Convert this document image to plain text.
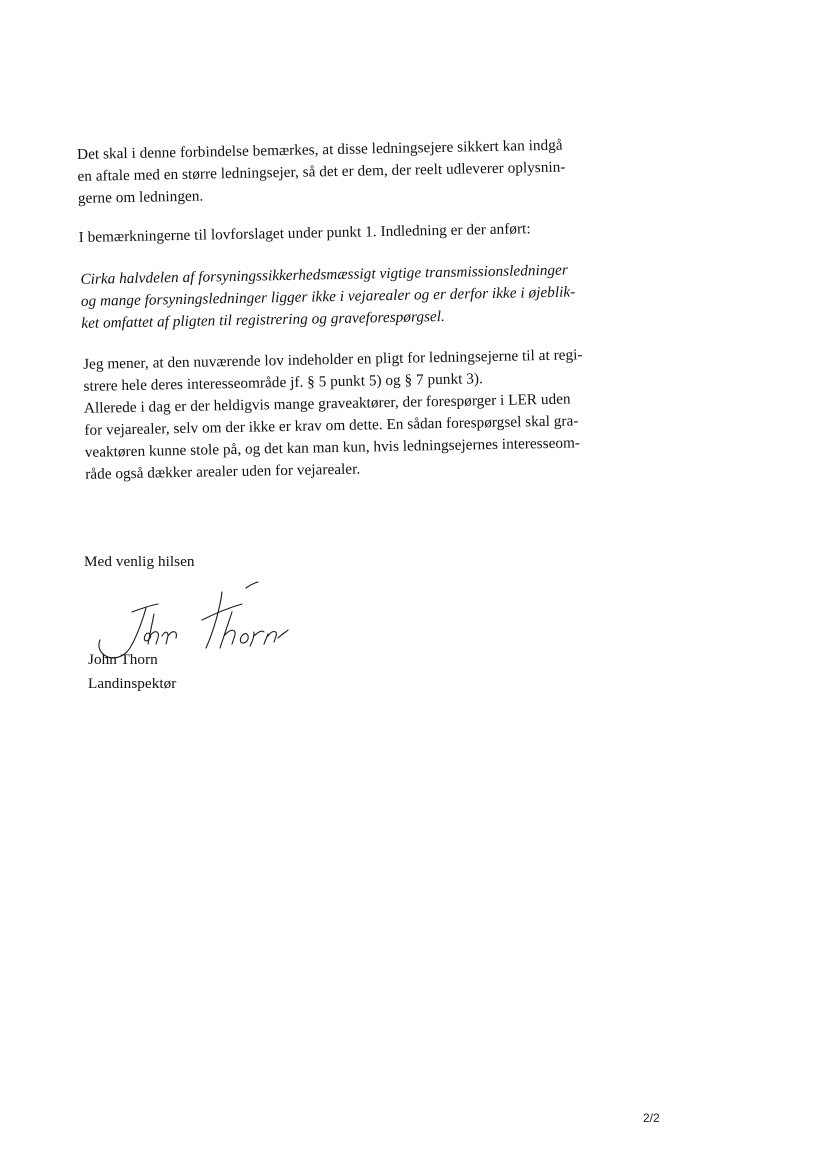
Det skal i denne forbindelse bemærkes, at disse ledningsejere sikkert kan indgå
en aftale med en større ledningsejer, så det er dem, der reelt udleverer oplysnin-
gerne om ledningen.
I bemærkningerne til lovforslaget under punkt 1. Indledning er der anført:
Cirka halvdelen af forsyningssikkerhedsmæssigt vigtige transmissionsledninger
og mange forsyningsledninger ligger ikke i vejarealer og er derfor ikke i øjeblik-
ket omfattet af pligten til registrering og graveforespørgsel.
Jeg mener, at den nuværende lov indeholder en pligt for ledningsejerne til at regi-
strere hele deres interesseområde jf. § 5 punkt 5) og § 7 punkt 3).
Allerede i dag er der heldigvis mange graveaktører, der forespørger i LER uden
for vejarealer, selv om der ikke er krav om dette. En sådan forespørgsel skal gra-
veaktøren kunne stole på, og det kan man kun, hvis ledningsejernes interesseom-
råde også dækker arealer uden for vejarealer.
Med venlig hilsen
John Thorn
Landinspektør
2/2
